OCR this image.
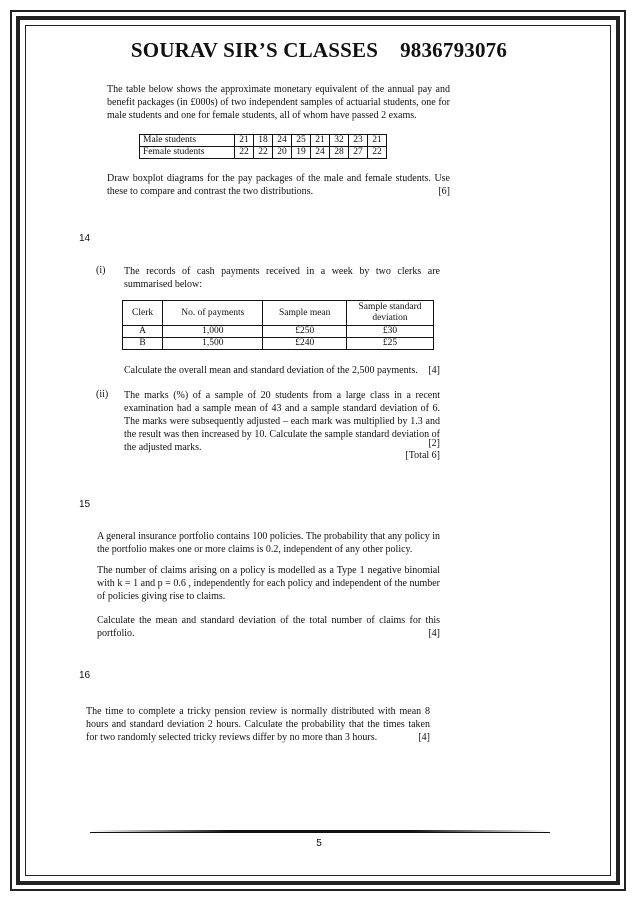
SOURAV SIR’S CLASSES 9836793076
The table below shows the approximate monetary equivalent of the annual pay and benefit packages (in £000s) of two independent samples of actuarial students, one for male students and one for female students, all of whom have passed 2 exams.
Male students	21	18	24	25	21	32	23	21
Female students	22	22	20	19	24	28	27	22
Draw boxplot diagrams for the pay packages of the male and female students. Use these to compare and contrast the two distributions.	[6]
14
(i) The records of cash payments received in a week by two clerks are summarised below:
Clerk	No. of payments	Sample mean	Sample standard deviation
A	1,000	£250	£30
B	1,500	£240	£25
Calculate the overall mean and standard deviation of the 2,500 payments. [4]
(ii) The marks (%) of a sample of 20 students from a large class in a recent examination had a sample mean of 43 and a sample standard deviation of 6. The marks were subsequently adjusted – each mark was multiplied by 1.3 and the result was then increased by 10. Calculate the sample standard deviation of the adjusted marks.	[2]
[Total 6]
15
A general insurance portfolio contains 100 policies. The probability that any policy in the portfolio makes one or more claims is 0.2, independent of any other policy.
The number of claims arising on a policy is modelled as a Type 1 negative binomial with k = 1 and p = 0.6 , independently for each policy and independent of the number of policies giving rise to claims.
Calculate the mean and standard deviation of the total number of claims for this portfolio.	[4]
16
The time to complete a tricky pension review is normally distributed with mean 8 hours and standard deviation 2 hours. Calculate the probability that the times taken for two randomly selected tricky reviews differ by no more than 3 hours.	[4]
5
